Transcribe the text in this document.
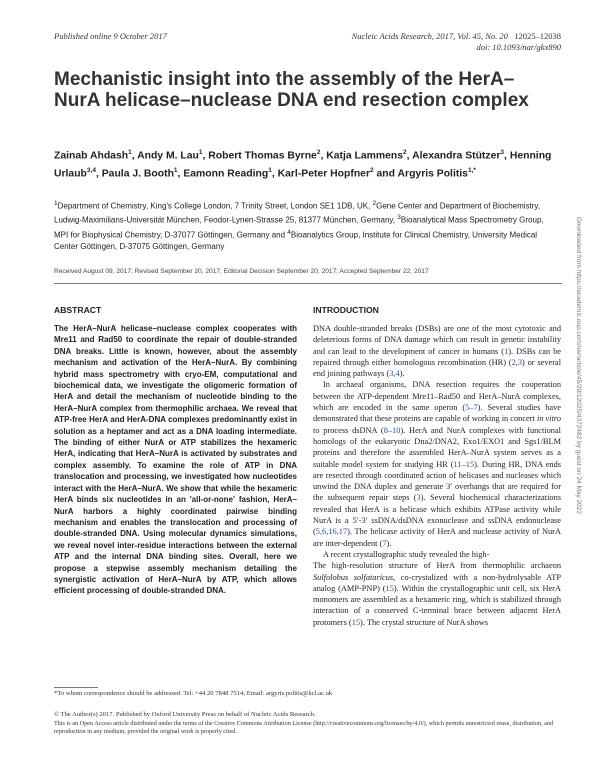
Published online 9 October 2017	Nucleic Acids Research, 2017, Vol. 45, No. 20 12025–12038
doi: 10.1093/nar/gkx890
Mechanistic insight into the assembly of the HerA–NurA helicase–nuclease DNA end resection complex
Zainab Ahdash$^1$, Andy M. Lau$^1$, Robert Thomas Byrne$^2$, Katja Lammens$^2$, Alexandra Stützer$^3$, Henning Urlaub$^{3,4}$, Paula J. Booth$^1$, Eamonn Reading$^1$, Karl-Peter Hopfner$^2$ and Argyris Politis$^{1,*}$
$^1$Department of Chemistry, King's College London, 7 Trinity Street, London SE1 1DB, UK, $^2$Gene Center and Department of Biochemistry, Ludwig-Maximilians-Universität München, Feodor-Lynen-Strasse 25, 81377 München, Germany, $^3$Bioanalytical Mass Spectrometry Group, MPI for Biophysical Chemistry, D-37077 Göttingen, Germany and $^4$Bioanalytics Group, Institute for Clinical Chemistry, University Medical Center Göttingen, D-37075 Göttingen, Germany
Received August 09, 2017; Revised September 20, 2017; Editorial Decision September 20, 2017; Accepted September 22, 2017	Downloaded from https://academic.oup.com/nar/article/45/20/12025/4372482 by guest on 24 May 2022
ABSTRACT
The HerA–NurA helicase–nuclease complex cooperates with Mre11 and Rad50 to coordinate the repair of double-stranded DNA breaks. Little is known, however, about the assembly mechanism and activation of the HerA–NurA. By combining hybrid mass spectrometry with cryo-EM, computational and biochemical data, we investigate the oligomeric formation of HerA and detail the mechanism of nucleotide binding to the HerA–NurA complex from thermophilic archaea. We reveal that ATP-free HerA and HerA-DNA complexes predominantly exist in solution as a heptamer and act as a DNA loading intermediate. The binding of either NurA or ATP stabilizes the hexameric HerA, indicating that HerA–NurA is activated by substrates and complex assembly. To examine the role of ATP in DNA translocation and processing, we investigated how nucleotides interact with the HerA–NurA. We show that while the hexameric HerA binds six nucleotides in an 'all-or-none' fashion, HerA–NurA harbors a highly coordinated pairwise binding mechanism and enables the translocation and processing of double-stranded DNA. Using molecular dynamics simulations, we reveal novel inter-residue interactions between the external ATP and the internal DNA binding sites. Overall, here we propose a stepwise assembly mechanism detailing the synergistic activation of HerA–NurA by ATP, which allows efficient processing of double-stranded DNA.
INTRODUCTION

DNA double-stranded breaks (DSBs) are one of the most cytotoxic and deleterious forms of DNA damage which can result in genetic instability and can lead to the development of cancer in humans (1). DSBs can be repaired through either homologous recombination (HR) (2,3) or several end joining pathways (3,4).

In archaeal organisms, DNA resection requires the cooperation between the ATP-dependent Mre11–Rad50 and HerA–NurA complexes, which are encoded in the same operon (5–7). Several studies have demonstrated that these proteins are capable of working in concert in vitro to process dsDNA (8–10). HerA and NurA complexes with functional homologs of the eukaryotic Dna2/DNA2, Exo1/EXO1 and Sgs1/BLM proteins and therefore the assembled HerA–NurA system serves as a suitable model system for studying HR (11–15). During HR, DNA ends are resected through coordinated action of helicases and nucleases which unwind the DNA duplex and generate 3′ overhangs that are required for the subsequent repair steps (3). Several biochemical characterizations revealed that HerA is a helicase which exhibits ATPase activity while NurA is a 5′-3′ ssDNA/dsDNA exonuclease and ssDNA endonuclease (5,6,16,17). The helicase activity of HerA and nuclease activity of NurA are inter-dependent (7).

A recent crystallographic study revealed the high-

The high-resolution structure of HerA from thermophilic archaeon Sulfolobus solfataricus, co-crystalized with a non-hydrolysable ATP analog (AMP-PNP) (15). Within the crystallographic unit cell, six HerA monomers are assembled as a hexameric ring, which is stabilized through interaction of a conserved C-terminal brace between adjacent HerA protomers (15). The crystal structure of NurA shows

*To whom correspondence should be addressed. Tel: +44 20 7848 7514; Email: argyris.politis@kcl.ac.uk
© The Author(s) 2017. Published by Oxford University Press on behalf of Nucleic Acids Research.
This is an Open Access article distributed under the terms of the Creative Commons Attribution License (http://creativecommons.org/licenses/by/4.0/), which permits unrestricted reuse, distribution, and reproduction in any medium, provided the original work is properly cited.
